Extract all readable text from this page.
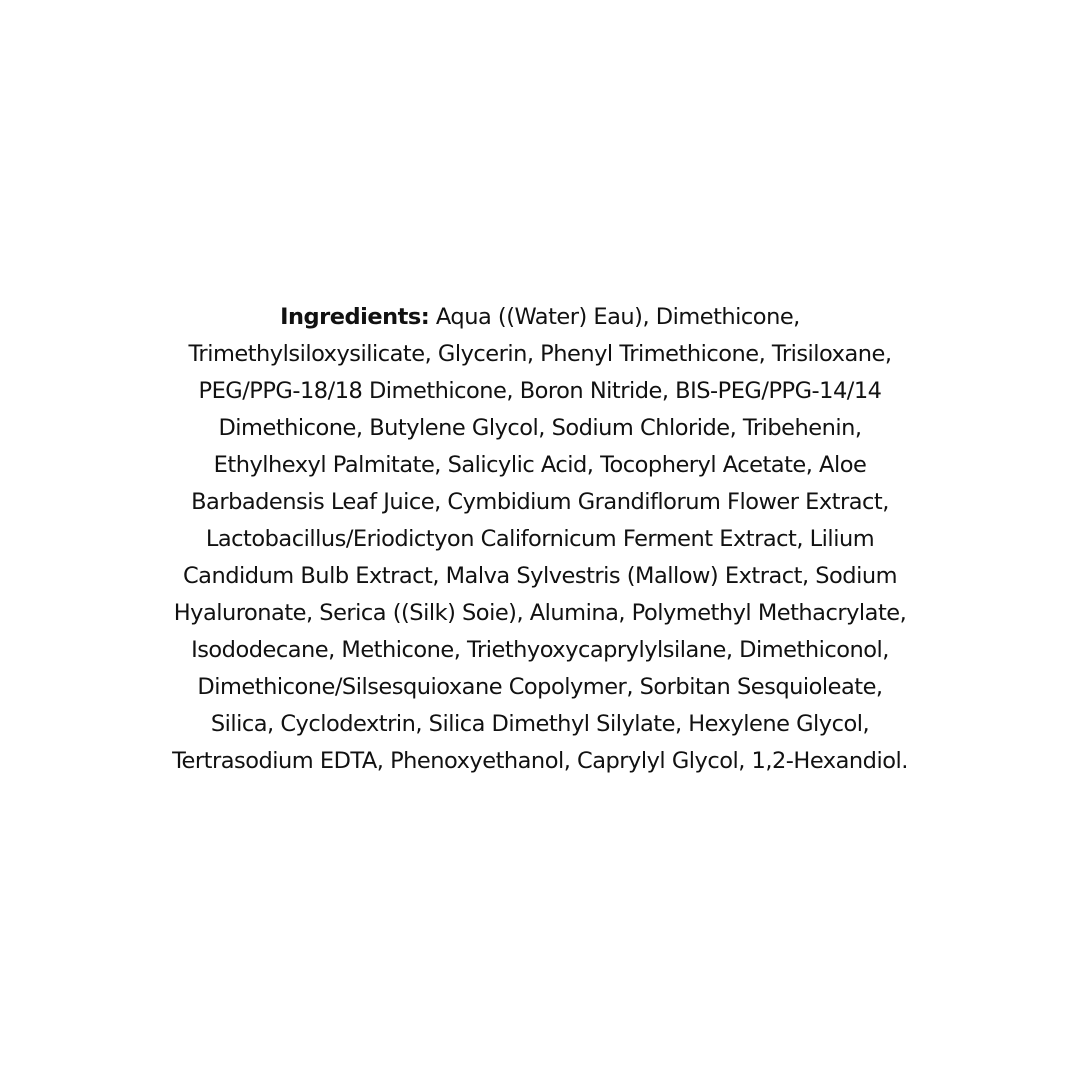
Ingredients: Aqua ((Water) Eau), Dimethicone,
Trimethylsiloxysilicate, Glycerin, Phenyl Trimethicone, Trisiloxane,
PEG/PPG-18/18 Dimethicone, Boron Nitride, BIS-PEG/PPG-14/14
Dimethicone, Butylene Glycol, Sodium Chloride, Tribehenin,
Ethylhexyl Palmitate, Salicylic Acid, Tocopheryl Acetate, Aloe
Barbadensis Leaf Juice, Cymbidium Grandiflorum Flower Extract,
Lactobacillus/Eriodictyon Californicum Ferment Extract, Lilium
Candidum Bulb Extract, Malva Sylvestris (Mallow) Extract, Sodium
Hyaluronate, Serica ((Silk) Soie), Alumina, Polymethyl Methacrylate,
Isododecane, Methicone, Triethyoxycaprylylsilane, Dimethiconol,
Dimethicone/Silsesquioxane Copolymer, Sorbitan Sesquioleate,
Silica, Cyclodextrin, Silica Dimethyl Silylate, Hexylene Glycol,
Tertrasodium EDTA, Phenoxyethanol, Caprylyl Glycol, 1,2-Hexandiol.
